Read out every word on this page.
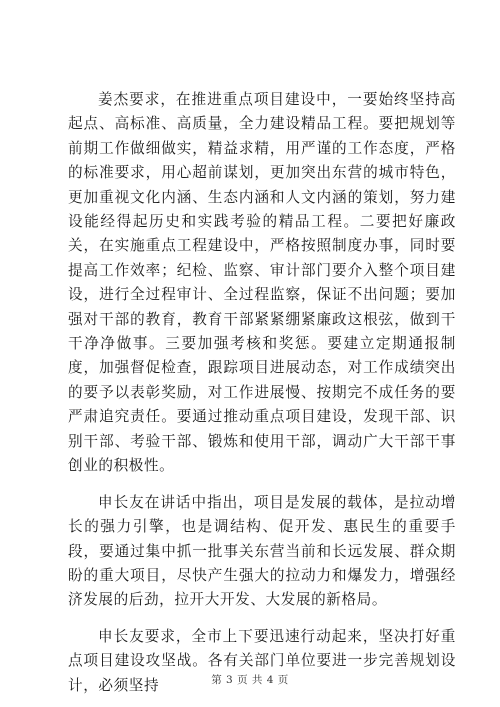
姜杰要求，在推进重点项目建设中，一要始终坚持高起点、高标准、高质量，全力建设精品工程。要把规划等前期工作做细做实，精益求精，用严谨的工作态度，严格的标准要求，用心超前谋划，更加突出东营的城市特色，更加重视文化内涵、生态内涵和人文内涵的策划，努力建设能经得起历史和实践考验的精品工程。二要把好廉政关，在实施重点工程建设中，严格按照制度办事，同时要提高工作效率；纪检、监察、审计部门要介入整个项目建设，进行全过程审计、全过程监察，保证不出问题；要加强对干部的教育，教育干部紧紧绷紧廉政这根弦，做到干干净净做事。三要加强考核和奖惩。要建立定期通报制度，加强督促检查，跟踪项目进展动态，对工作成绩突出的要予以表彰奖励，对工作进展慢、按期完不成任务的要严肃追究责任。要通过推动重点项目建设，发现干部、识别干部、考验干部、锻炼和使用干部，调动广大干部干事创业的积极性。

申长友在讲话中指出，项目是发展的载体，是拉动增长的强力引擎，也是调结构、促开发、惠民生的重要手段，要通过集中抓一批事关东营当前和长远发展、群众期盼的重大项目，尽快产生强大的拉动力和爆发力，增强经济发展的后劲，拉开大开发、大发展的新格局。

申长友要求，全市上下要迅速行动起来，坚决打好重点项目建设攻坚战。各有关部门单位要进一步完善规划设计，必须坚持	第 3 页 共 4 页
